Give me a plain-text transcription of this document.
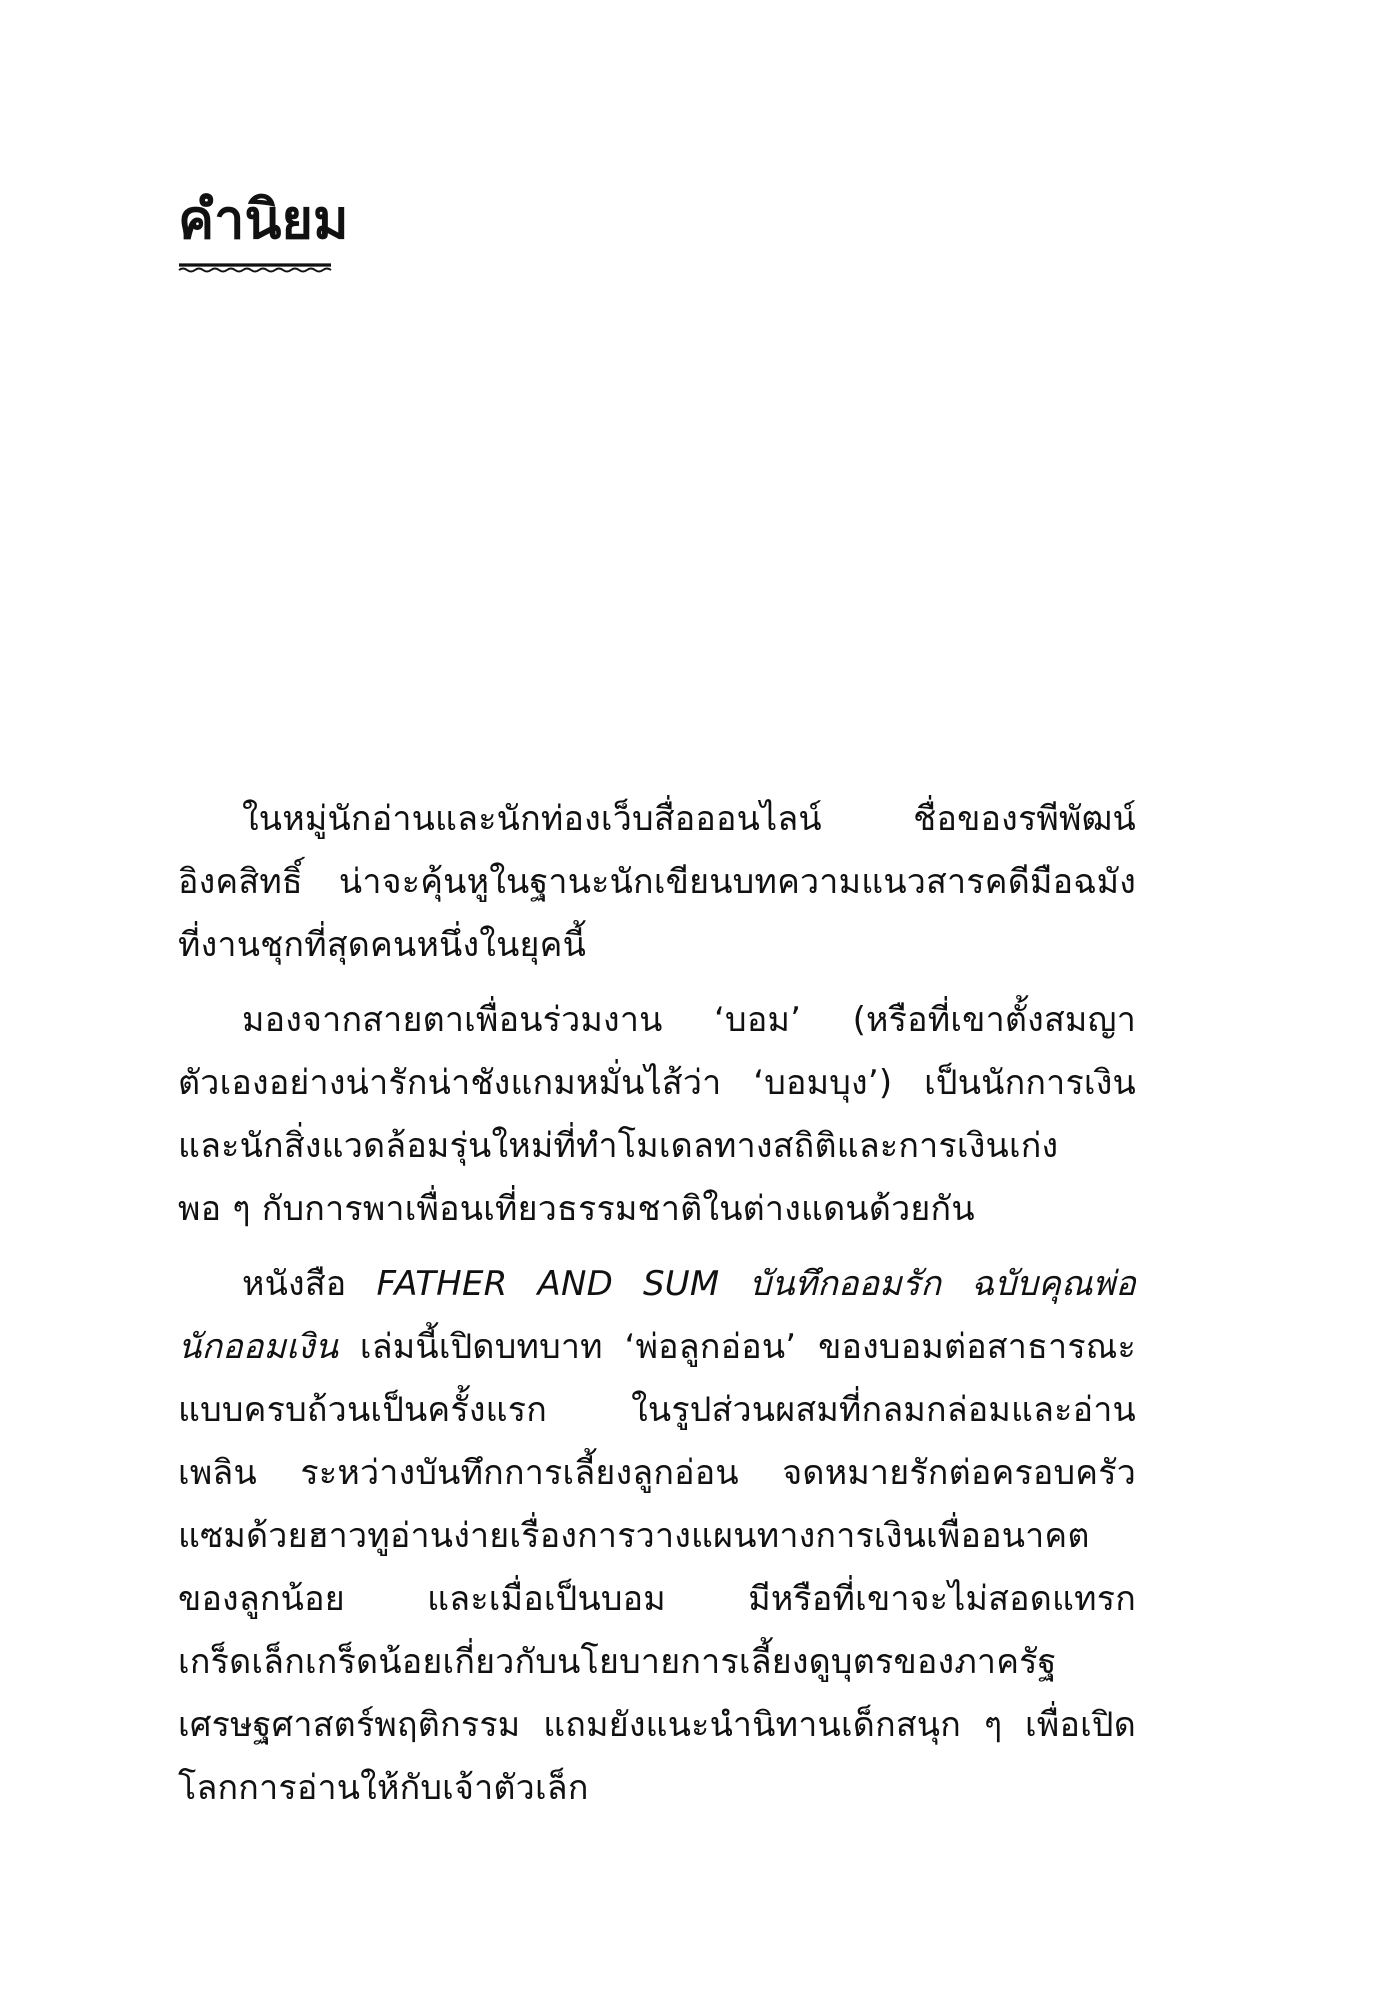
คำนิยม
ในหมู่นักอ่านและนักท่องเว็บสื่อออนไลน์ ชื่อของรพีพัฒน์
อิงคสิทธิ์ น่าจะคุ้นหูในฐานะนักเขียนบทความแนวสารคดีมือฉมัง
ที่งานชุกที่สุดคนหนึ่งในยุคนี้
มองจากสายตาเพื่อนร่วมงาน ‘บอม’ (หรือที่เขาตั้งสมญา
ตัวเองอย่างน่ารักน่าชังแกมหมั่นไส้ว่า ‘บอมบุง’) เป็นนักการเงิน
และนักสิ่งแวดล้อมรุ่นใหม่ที่ทำโมเดลทางสถิติและการเงินเก่ง
พอ ๆ กับการพาเพื่อนเที่ยวธรรมชาติในต่างแดนด้วยกัน
หนังสือ FATHER AND SUM บันทึกออมรัก ฉบับคุณพ่อ
นักออมเงิน เล่มนี้เปิดบทบาท ‘พ่อลูกอ่อน’ ของบอมต่อสาธารณะ
แบบครบถ้วนเป็นครั้งแรก ในรูปส่วนผสมที่กลมกล่อมและอ่าน
เพลิน ระหว่างบันทึกการเลี้ยงลูกอ่อน จดหมายรักต่อครอบครัว
แซมด้วยฮาวทูอ่านง่ายเรื่องการวางแผนทางการเงินเพื่ออนาคต
ของลูกน้อย และเมื่อเป็นบอม มีหรือที่เขาจะไม่สอดแทรก
เกร็ดเล็กเกร็ดน้อยเกี่ยวกับนโยบายการเลี้ยงดูบุตรของภาครัฐ
เศรษฐศาสตร์พฤติกรรม แถมยังแนะนำนิทานเด็กสนุก ๆ เพื่อเปิด
โลกการอ่านให้กับเจ้าตัวเล็ก
